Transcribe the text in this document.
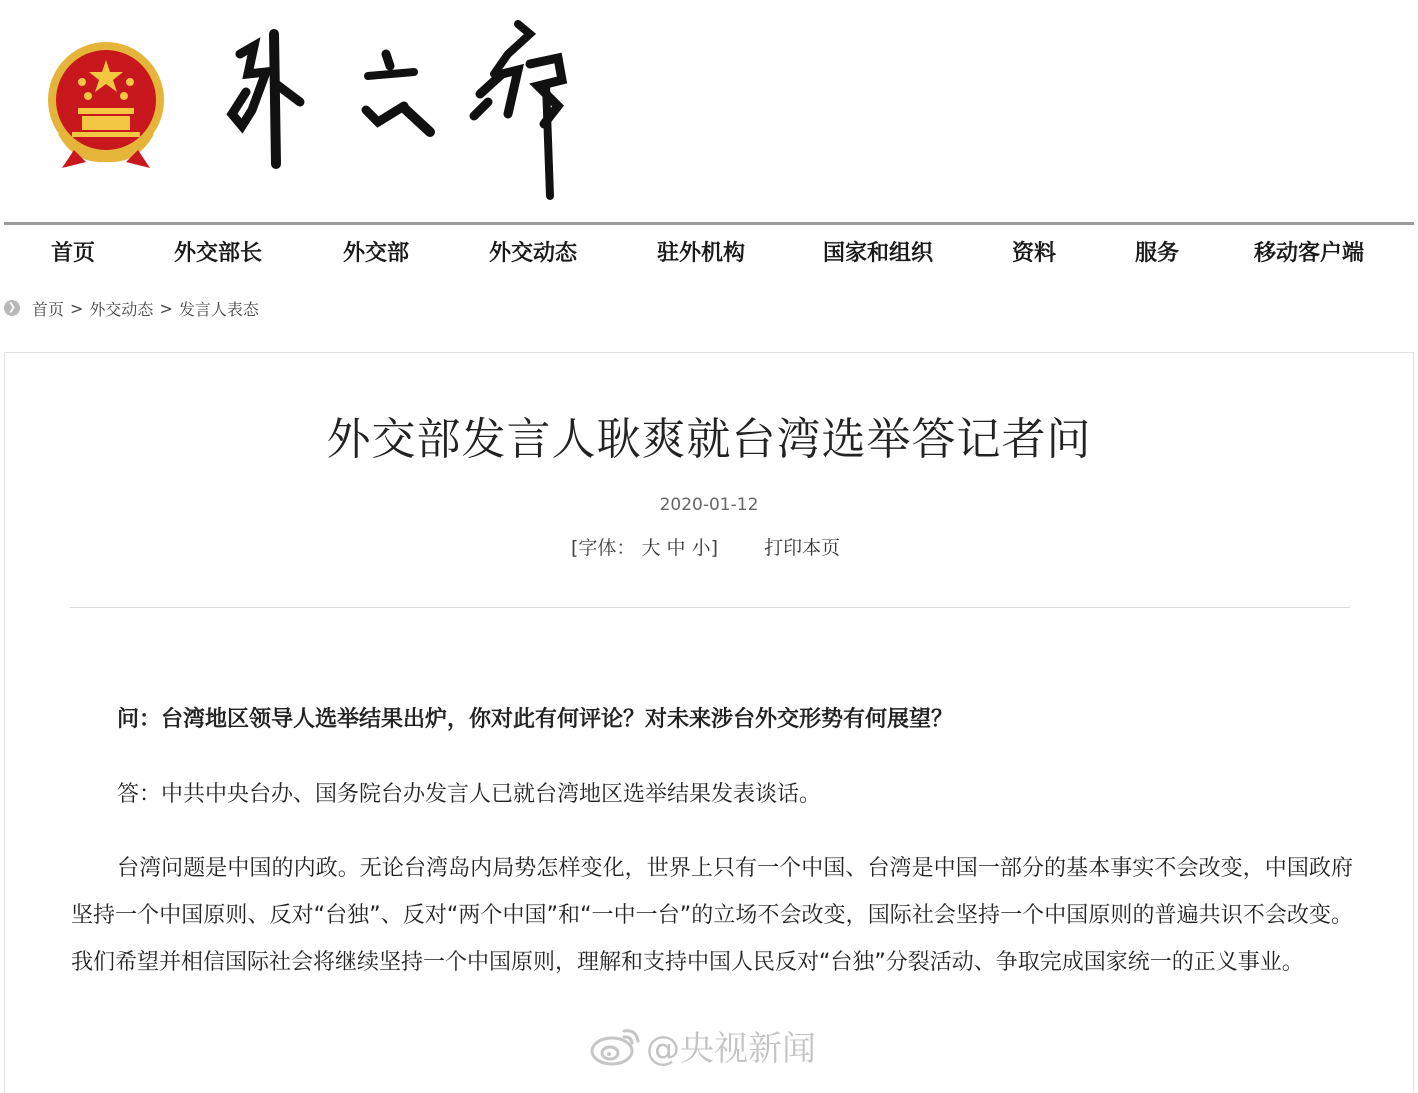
首页	外交部长	外交部	外交动态	驻外机构	国家和组织	资料	服务	移动客户端
❯ 首页 > 外交动态 > 发言人表态
外交部发言人耿爽就台湾选举答记者问
2020-01-12
[字体： 大 中 小] 打印本页
问：台湾地区领导人选举结果出炉，你对此有何评论？对未来涉台外交形势有何展望？
答：中共中央台办、国务院台办发言人已就台湾地区选举结果发表谈话。
台湾问题是中国的内政。无论台湾岛内局势怎样变化，世界上只有一个中国、台湾是中国一部分的基本事实不会改变，中国政府坚持一个中国原则、反对“台独”、反对“两个中国”和“一中一台”的立场不会改变，国际社会坚持一个中国原则的普遍共识不会改变。我们希望并相信国际社会将继续坚持一个中国原则，理解和支持中国人民反对“台独”分裂活动、争取完成国家统一的正义事业。
@央视新闻
